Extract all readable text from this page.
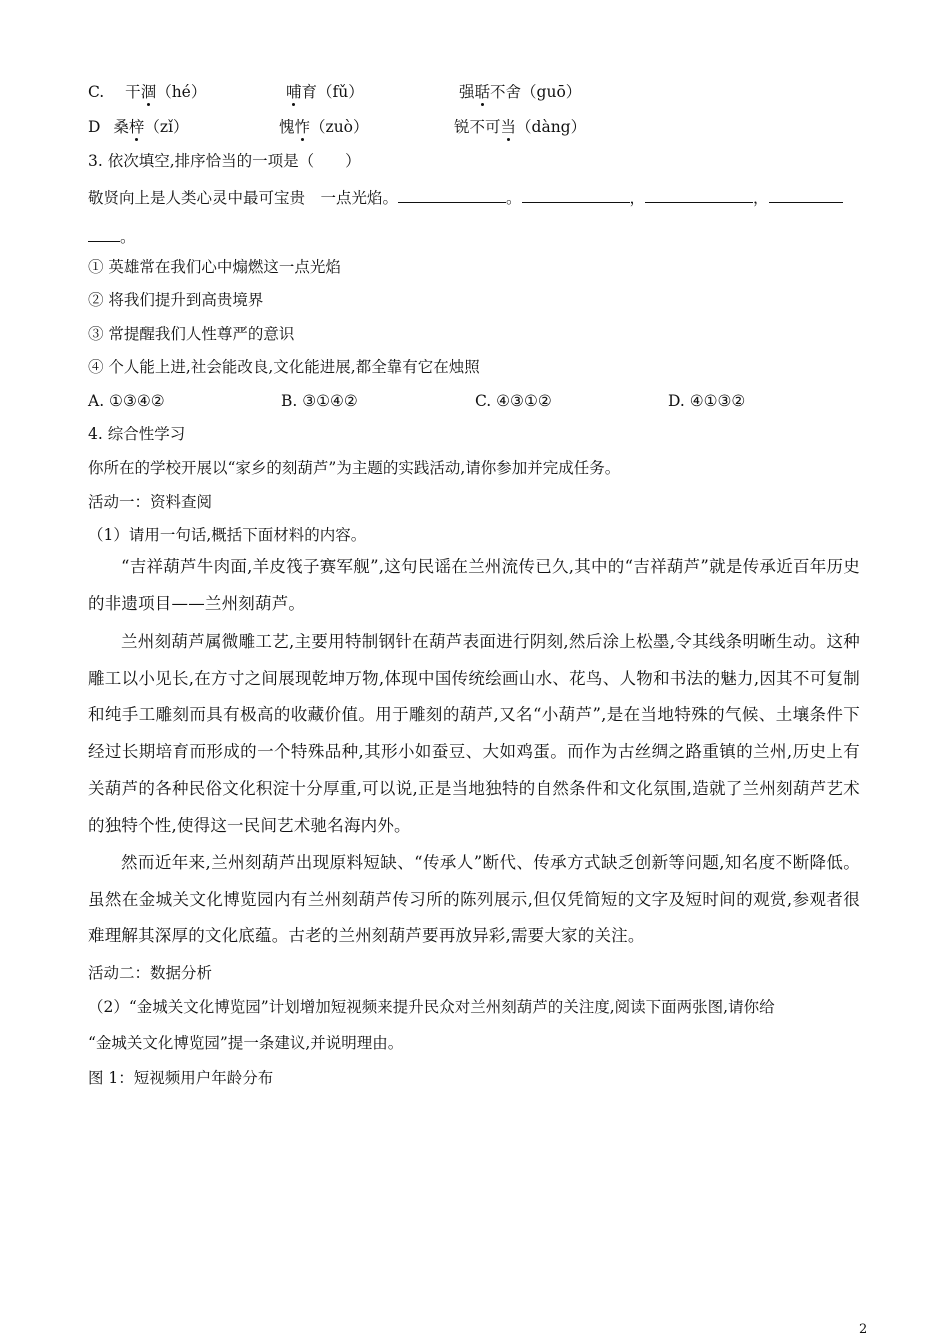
C. 干涸（hé）	哺育（fǔ）	强聒不舍（guō）
D 桑梓（zǐ）	愧怍（zuò）	锐不可当（dàng）
3. 依次填空,排序恰当的一项是（　　）
敬贤向上是人类心灵中最可宝贵　一点光焰。	。	，	，
。
① 英雄常在我们心中煽燃这一点光焰
② 将我们提升到高贵境界
③ 常提醒我们人性尊严的意识
④ 个人能上进,社会能改良,文化能进展,都全靠有它在烛照
A. ①③④②	B. ③①④②	C. ④③①②	D. ④①③②
4. 综合性学习
你所在的学校开展以“家乡的刻葫芦”为主题的实践活动,请你参加并完成任务。
活动一：资料查阅
（1）请用一句话,概括下面材料的内容。
“吉祥葫芦牛肉面,羊皮筏子赛军舰”,这句民谣在兰州流传已久,其中的“吉祥葫芦”就是传承近百年历史的非遗项目——兰州刻葫芦。
兰州刻葫芦属微雕工艺,主要用特制钢针在葫芦表面进行阴刻,然后涂上松墨,令其线条明晰生动。这种雕工以小见长,在方寸之间展现乾坤万物,体现中国传统绘画山水、花鸟、人物和书法的魅力,因其不可复制和纯手工雕刻而具有极高的收藏价值。用于雕刻的葫芦,又名“小葫芦”,是在当地特殊的气候、土壤条件下经过长期培育而形成的一个特殊品种,其形小如蚕豆、大如鸡蛋。而作为古丝绸之路重镇的兰州,历史上有关葫芦的各种民俗文化积淀十分厚重,可以说,正是当地独特的自然条件和文化氛围,造就了兰州刻葫芦艺术的独特个性,使得这一民间艺术驰名海内外。
然而近年来,兰州刻葫芦出现原料短缺、“传承人”断代、传承方式缺乏创新等问题,知名度不断降低。虽然在金城关文化博览园内有兰州刻葫芦传习所的陈列展示,但仅凭简短的文字及短时间的观赏,参观者很难理解其深厚的文化底蕴。古老的兰州刻葫芦要再放异彩,需要大家的关注。
活动二：数据分析
（2）“金城关文化博览园”计划增加短视频来提升民众对兰州刻葫芦的关注度,阅读下面两张图,请你给
“金城关文化博览园”提一条建议,并说明理由。
图 1：短视频用户年龄分布
2
